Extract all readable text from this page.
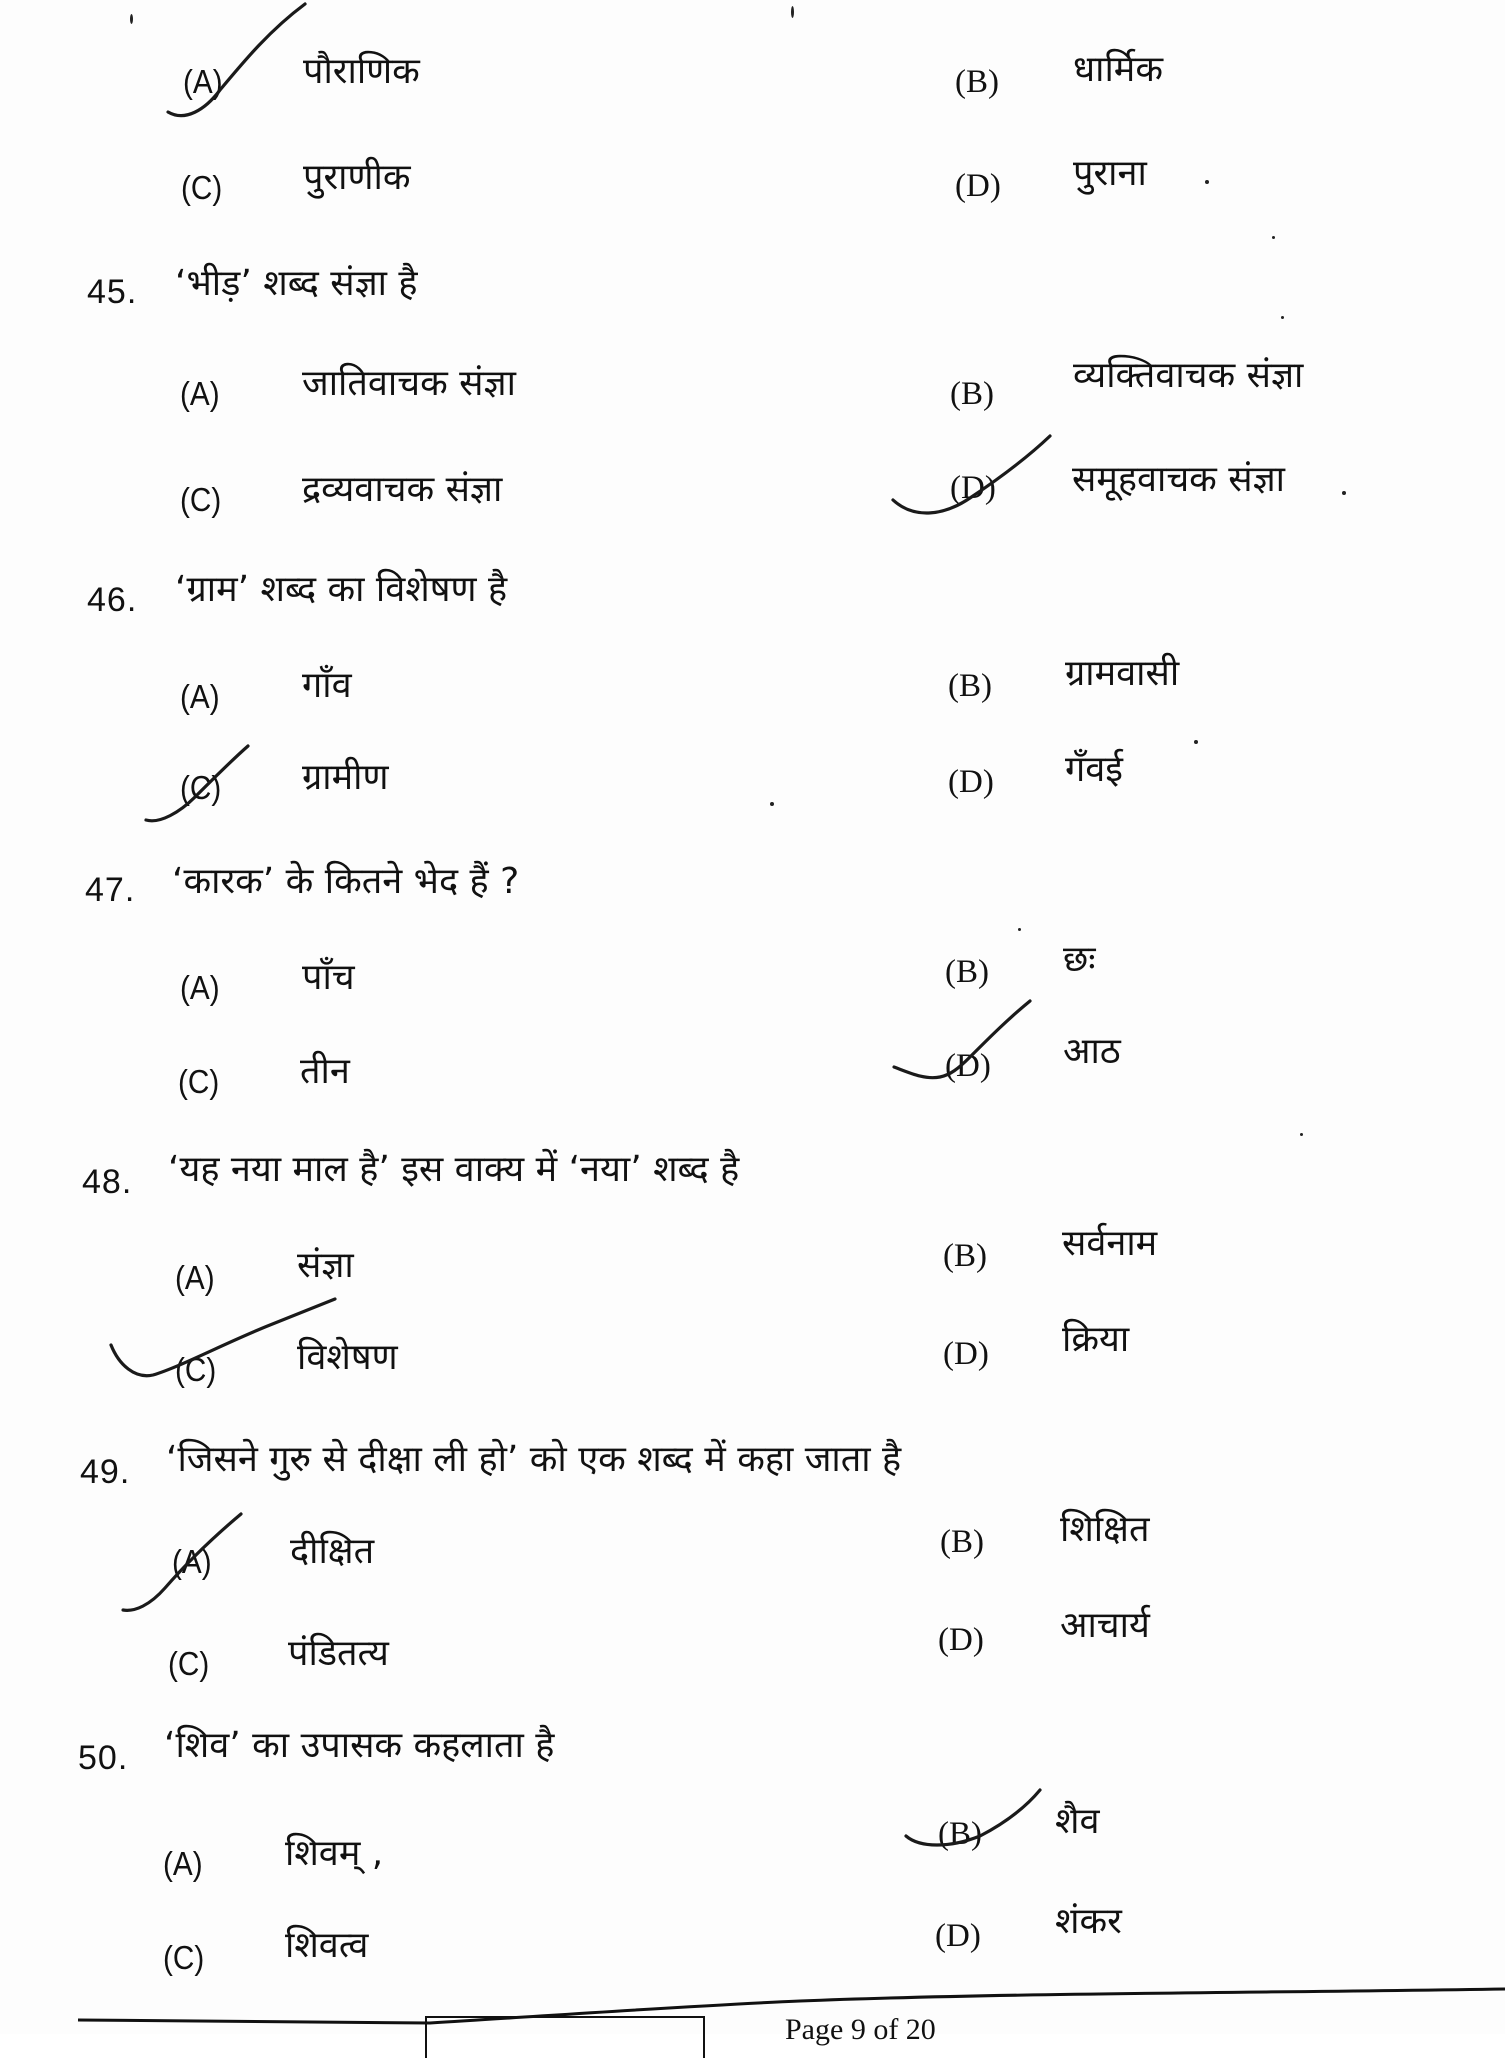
(A) पौराणिक	(B) धार्मिक
(C) पुराणीक	(D) पुराना
45. ‘भीड़’ शब्द संज्ञा है
(A) जातिवाचक संज्ञा	(B) व्यक्तिवाचक संज्ञा
(C) द्रव्यवाचक संज्ञा	(D) समूहवाचक संज्ञा
46. ‘ग्राम’ शब्द का विशेषण है
(A) गाँव	(B) ग्रामवासी
(C) ग्रामीण	(D) गँवई
47. ‘कारक’ के कितने भेद हैं ?
(A) पाँच	(B) छः
(C) तीन	(D) आठ
48. ‘यह नया माल है’ इस वाक्य में ‘नया’ शब्द है
(A) संज्ञा	(B) सर्वनाम
(C) विशेषण	(D) क्रिया
49. ‘जिसने गुरु से दीक्षा ली हो’ को एक शब्द में कहा जाता है
(A) दीक्षित	(B) शिक्षित
(C) पंडितत्य	(D) आचार्य
50. ‘शिव’ का उपासक कहलाता है
(A) शिवम् ,	(B) शैव
(C) शिवत्व	(D) शंकर
Page 9 of 20
